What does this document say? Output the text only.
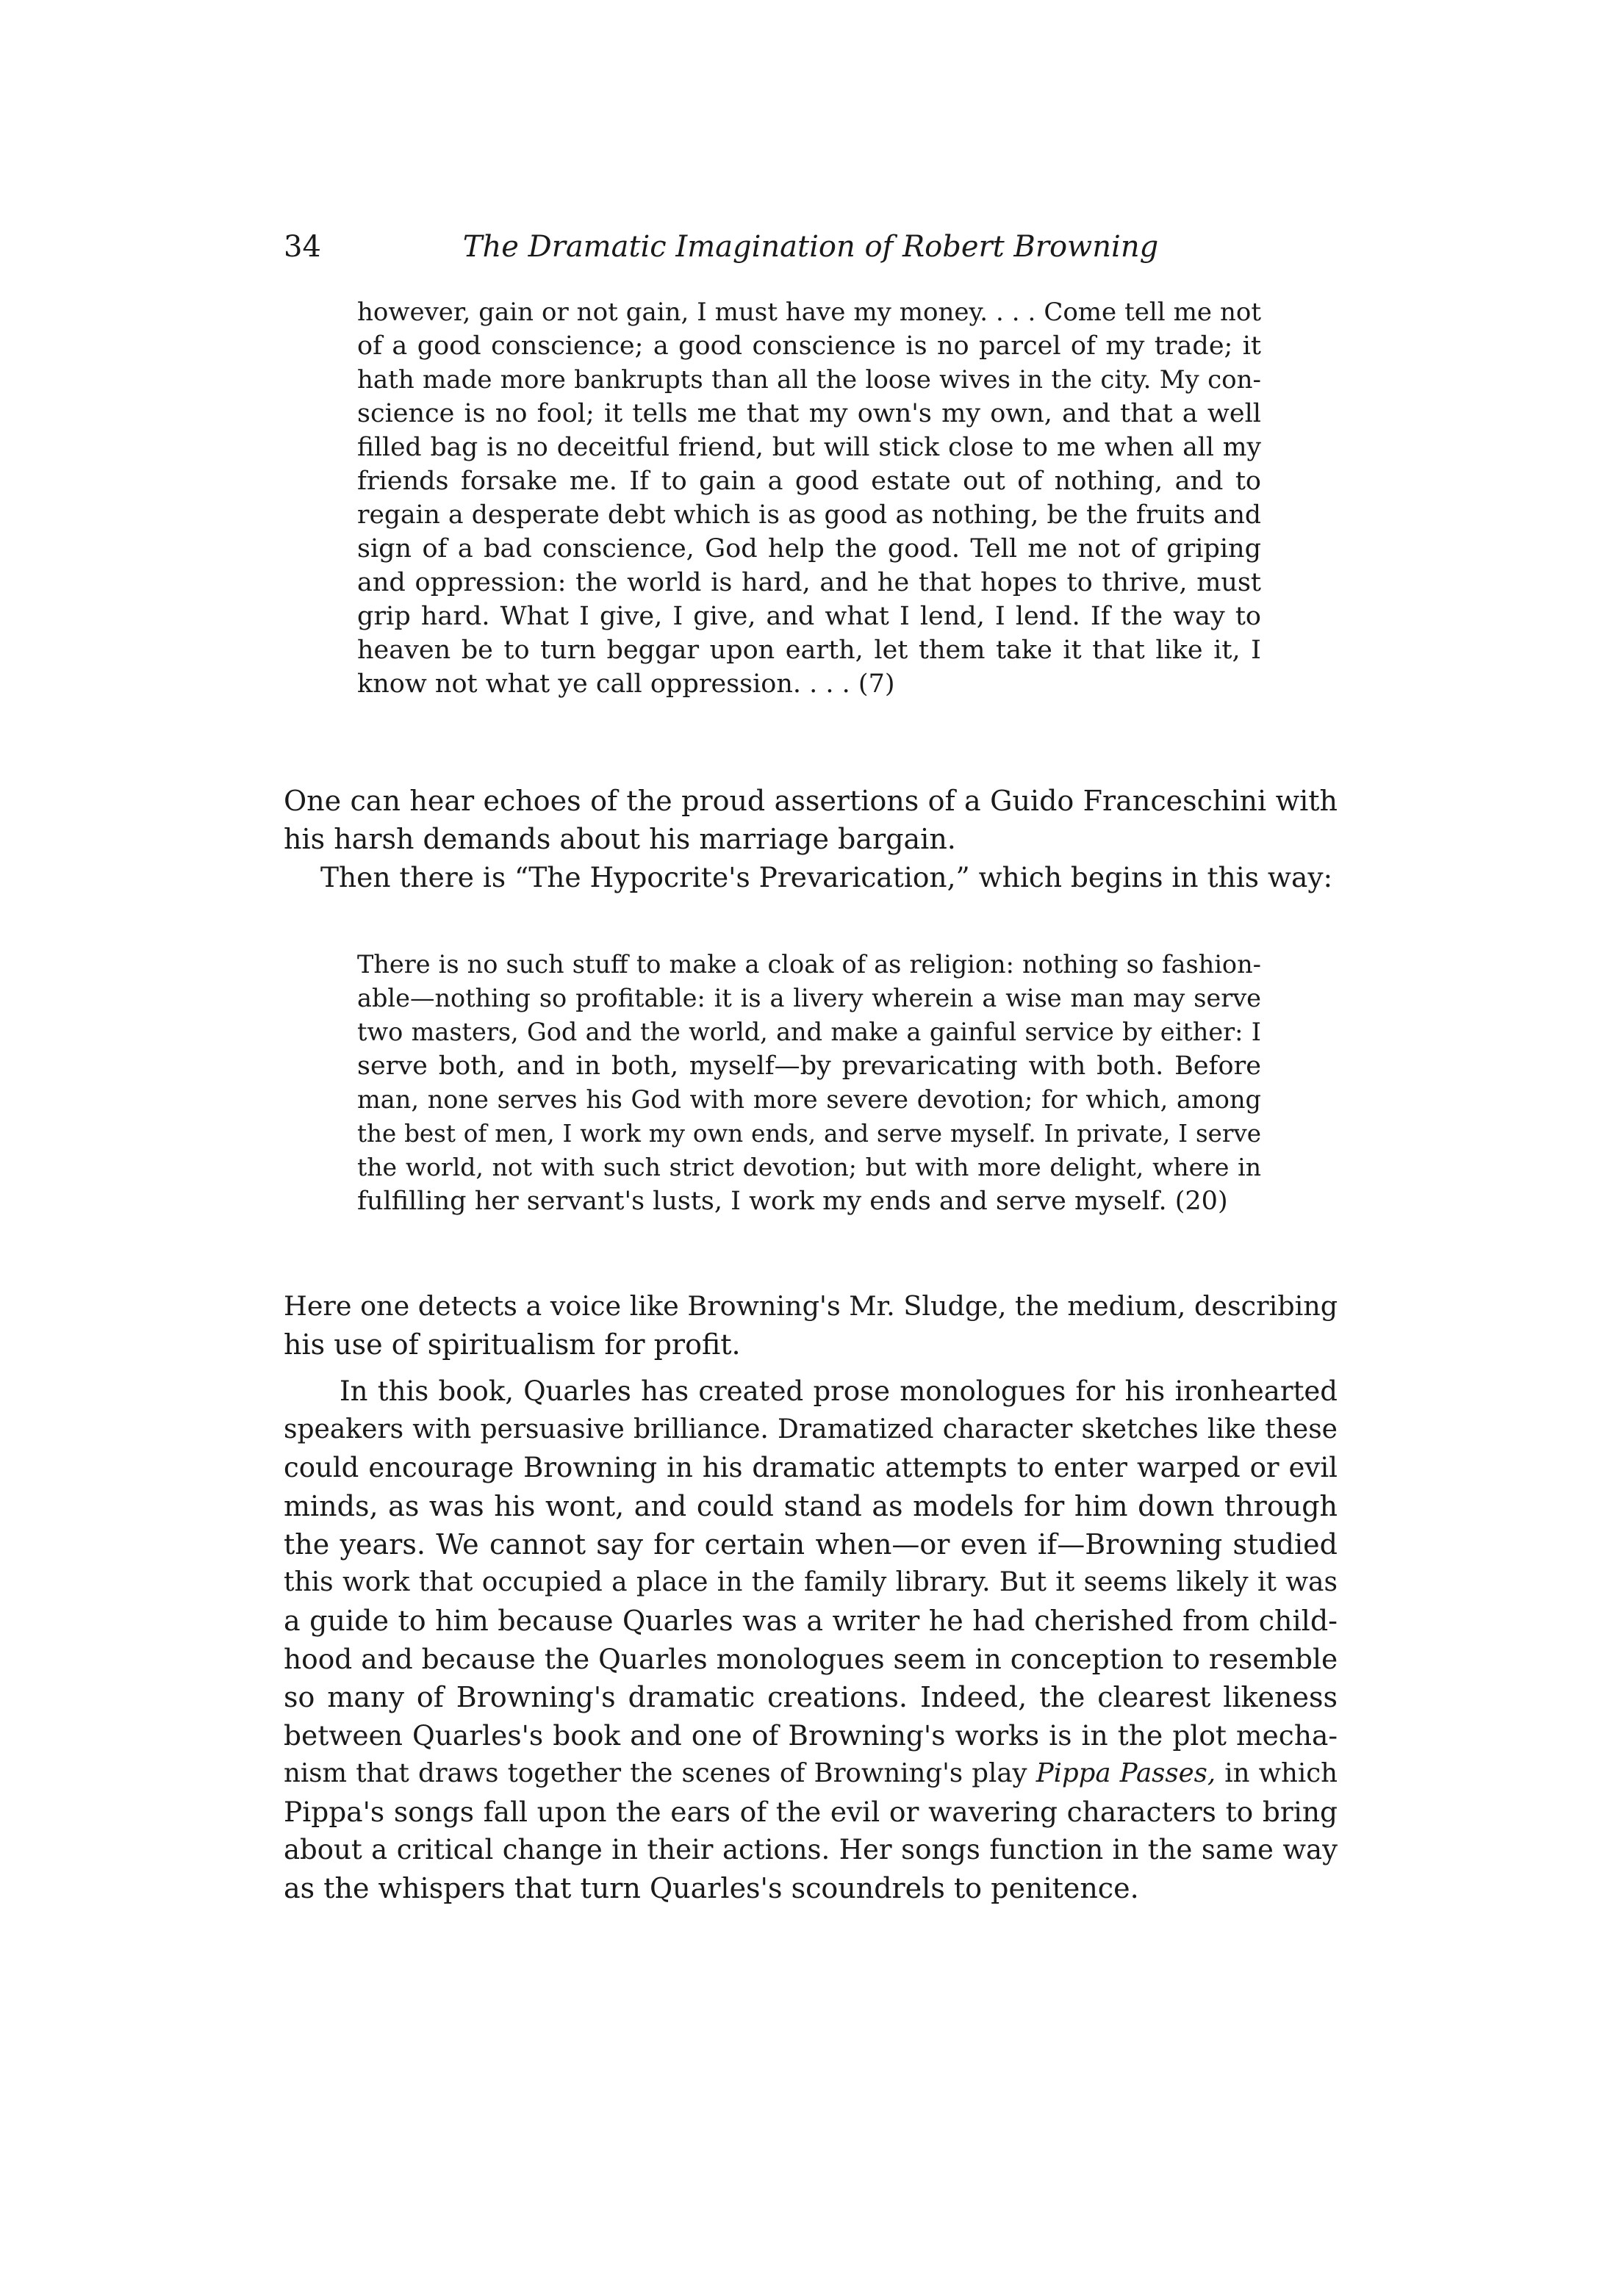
34	The Dramatic Imagination of Robert Browning
however, gain or not gain, I must have my money. . . . Come tell me not
of a good conscience; a good conscience is no parcel of my trade; it
hath made more bankrupts than all the loose wives in the city. My con-
science is no fool; it tells me that my own's my own, and that a well
filled bag is no deceitful friend, but will stick close to me when all my
friends forsake me. If to gain a good estate out of nothing, and to
regain a desperate debt which is as good as nothing, be the fruits and
sign of a bad conscience, God help the good. Tell me not of griping
and oppression: the world is hard, and he that hopes to thrive, must
grip hard. What I give, I give, and what I lend, I lend. If the way to
heaven be to turn beggar upon earth, let them take it that like it, I
know not what ye call oppression. . . . (7)
One can hear echoes of the proud assertions of a Guido Franceschini with
his harsh demands about his marriage bargain.
Then there is “The Hypocrite's Prevarication,” which begins in this way:
There is no such stuff to make a cloak of as religion: nothing so fashion-
able—nothing so profitable: it is a livery wherein a wise man may serve
two masters, God and the world, and make a gainful service by either: I
serve both, and in both, myself—by prevaricating with both. Before
man, none serves his God with more severe devotion; for which, among
the best of men, I work my own ends, and serve myself. In private, I serve
the world, not with such strict devotion; but with more delight, where in
fulfilling her servant's lusts, I work my ends and serve myself. (20)
Here one detects a voice like Browning's Mr. Sludge, the medium, describing
his use of spiritualism for profit.
In this book, Quarles has created prose monologues for his ironhearted
speakers with persuasive brilliance. Dramatized character sketches like these
could encourage Browning in his dramatic attempts to enter warped or evil
minds, as was his wont, and could stand as models for him down through
the years. We cannot say for certain when—or even if—Browning studied
this work that occupied a place in the family library. But it seems likely it was
a guide to him because Quarles was a writer he had cherished from child-
hood and because the Quarles monologues seem in conception to resemble
so many of Browning's dramatic creations. Indeed, the clearest likeness
between Quarles's book and one of Browning's works is in the plot mecha-
nism that draws together the scenes of Browning's play Pippa Passes, in which
Pippa's songs fall upon the ears of the evil or wavering characters to bring
about a critical change in their actions. Her songs function in the same way
as the whispers that turn Quarles's scoundrels to penitence.
